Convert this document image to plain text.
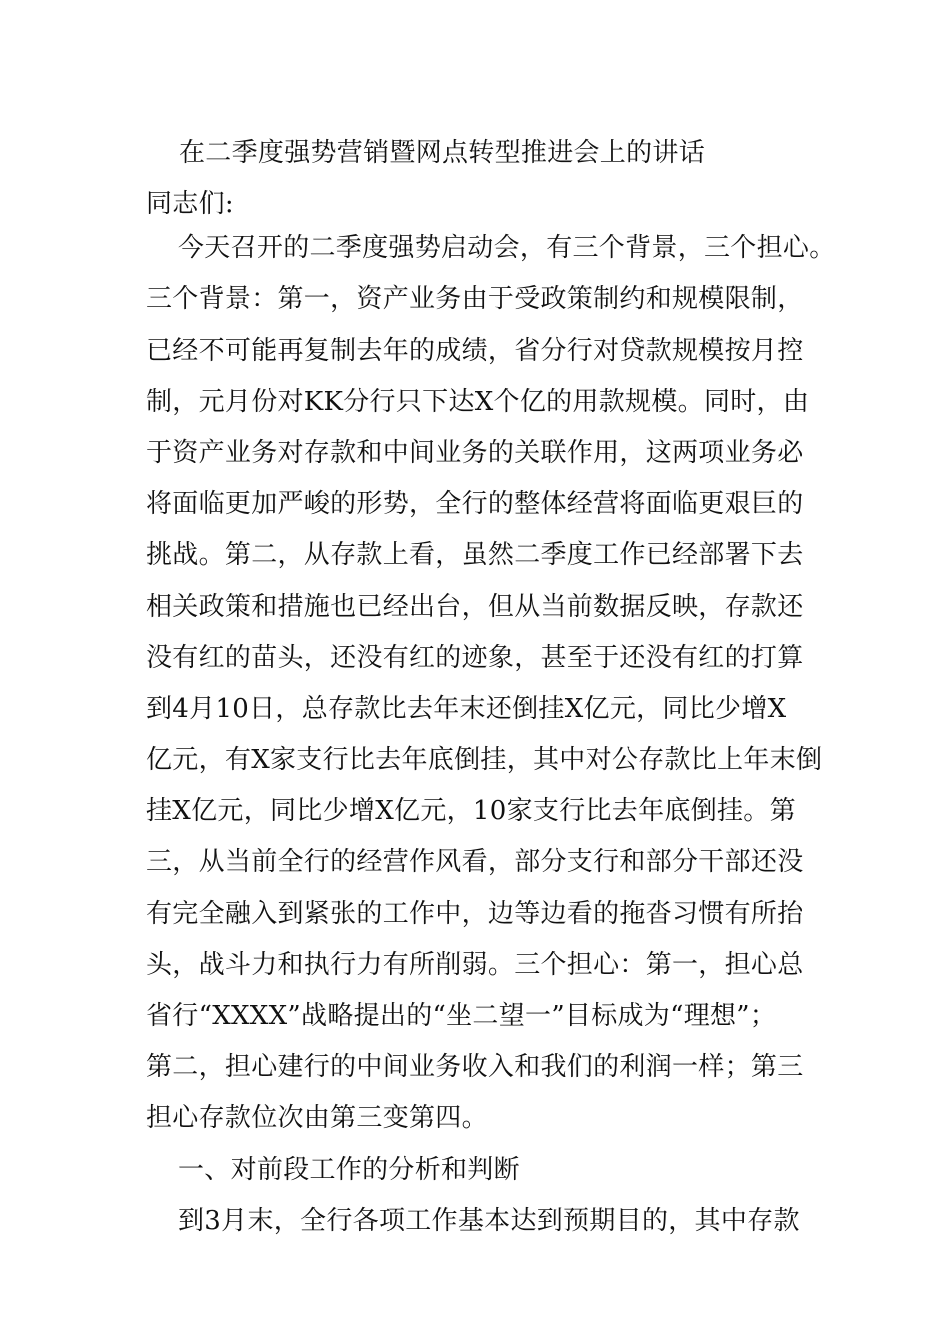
在二季度强势营销暨网点转型推进会上的讲话
同志们:
今天召开的二季度强势启动会，有三个背景，三个担心。
三个背景：第一，资产业务由于受政策制约和规模限制，
已经不可能再复制去年的成绩，省分行对贷款规模按月控
制，元月份对KK分行只下达X个亿的用款规模。同时，由
于资产业务对存款和中间业务的关联作用，这两项业务必
将面临更加严峻的形势，全行的整体经营将面临更艰巨的
挑战。第二，从存款上看，虽然二季度工作已经部署下去
相关政策和措施也已经出台，但从当前数据反映，存款还
没有红的苗头，还没有红的迹象，甚至于还没有红的打算
到4月10日，总存款比去年末还倒挂X亿元，同比少增X
亿元，有X家支行比去年底倒挂，其中对公存款比上年末倒
挂X亿元，同比少增X亿元，10家支行比去年底倒挂。第
三，从当前全行的经营作风看，部分支行和部分干部还没
有完全融入到紧张的工作中，边等边看的拖沓习惯有所抬
头，战斗力和执行力有所削弱。三个担心：第一，担心总
省行“XXXX”战略提出的“坐二望一”目标成为“理想”；
第二，担心建行的中间业务收入和我们的利润一样；第三
担心存款位次由第三变第四。
一、对前段工作的分析和判断
到3月末，全行各项工作基本达到预期目的，其中存款
